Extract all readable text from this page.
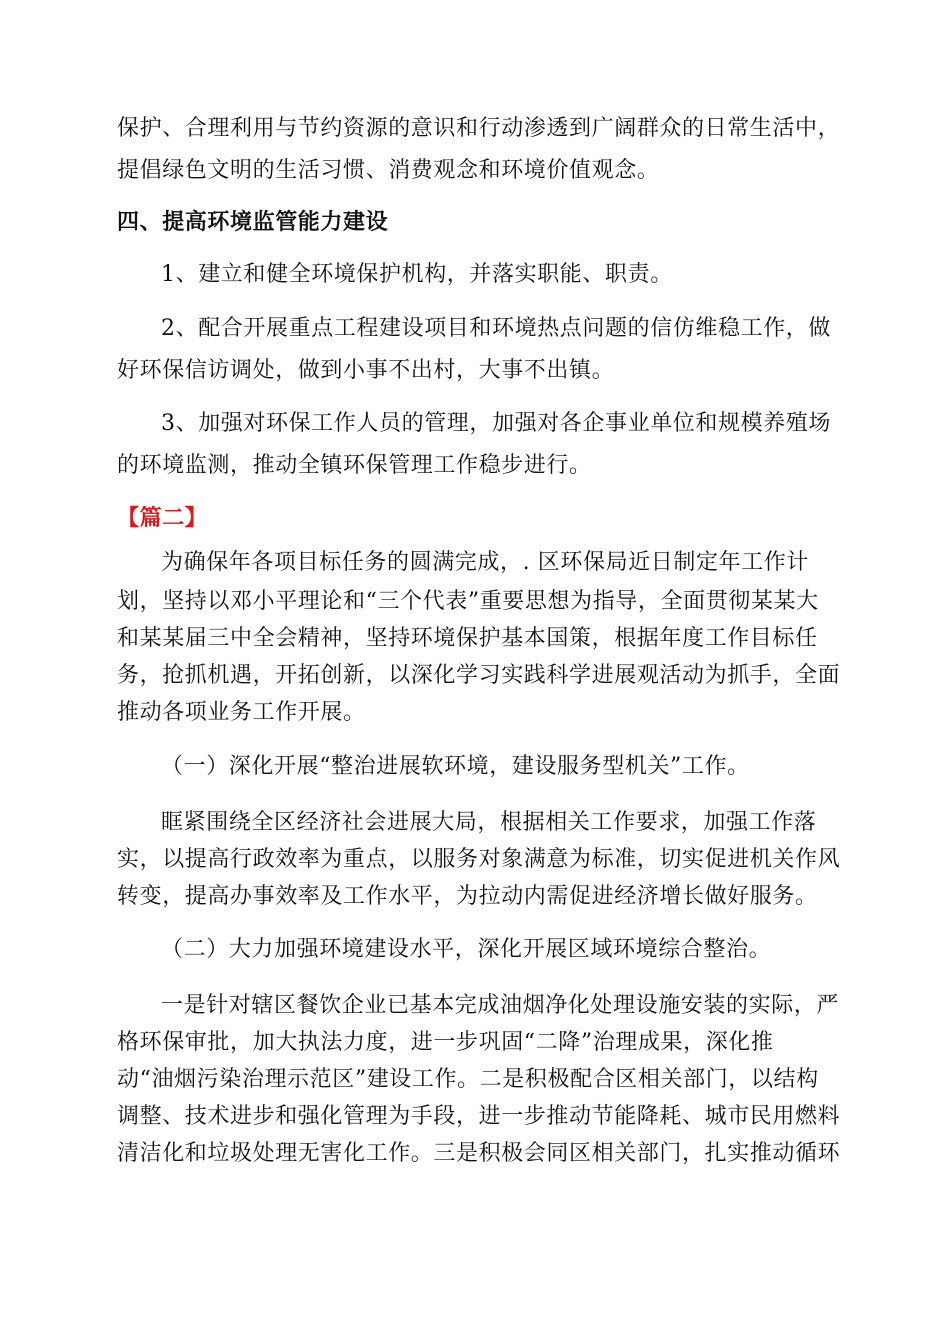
保护、合理利用与节约资源的意识和行动渗透到广阔群众的日常生活中，
提倡绿色文明的生活习惯、消费观念和环境价值观念。
四、提高环境监管能力建设
1、建立和健全环境保护机构，并落实职能、职责。
2、配合开展重点工程建设项目和环境热点问题的信仿维稳工作，做
好环保信访调处，做到小事不出村，大事不出镇。
3、加强对环保工作人员的管理，加强对各企事业单位和规模养殖场
的环境监测，推动全镇环保管理工作稳步进行。
【篇二】
为确保年各项目标任务的圆满完成，. 区环保局近日制定年工作计
划，坚持以邓小平理论和“三个代表”重要思想为指导，全面贯彻某某大
和某某届三中全会精神，坚持环境保护基本国策，根据年度工作目标任
务，抢抓机遇，开拓创新，以深化学习实践科学进展观活动为抓手，全面
推动各项业务工作开展。
（一）深化开展“整治进展软环境，建设服务型机关”工作。
眶紧围绕全区经济社会进展大局，根据相关工作要求，加强工作落
实，以提高行政效率为重点，以服务对象满意为标准，切实促进机关作风
转变，提高办事效率及工作水平，为拉动内需促进经济增长做好服务。
（二）大力加强环境建设水平，深化开展区域环境综合整治。
一是针对辖区餐饮企业已基本完成油烟净化处理设施安装的实际，严
格环保审批，加大执法力度，进一步巩固“二降”治理成果，深化推
动“油烟污染治理示范区”建设工作。二是积极配合区相关部门，以结构
调整、技术进步和强化管理为手段，进一步推动节能降耗、城市民用燃料
清洁化和垃圾处理无害化工作。三是积极会同区相关部门，扎实推动循环
